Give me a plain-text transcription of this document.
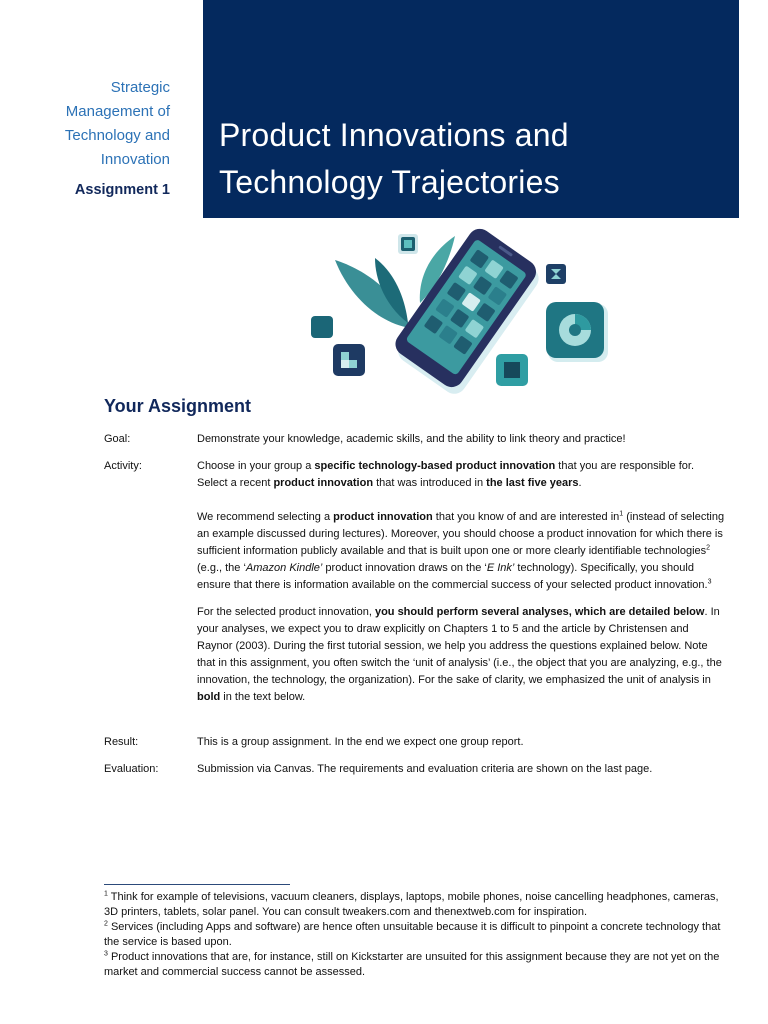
Strategic
Management of
Technology and
Innovation
Assignment 1
Product Innovations and
Technology Trajectories
Your Assignment
Goal:	Demonstrate your knowledge, academic skills, and the ability to link theory and practice!
Activity:	Choose in your group a specific technology-based product innovation that you are responsible for. Select a recent product innovation that was introduced in the last five years.

We recommend selecting a product innovation that you know of and are interested $in^1$ (instead of selecting an example discussed during lectures). Moreover, you should choose a product innovation for which there is sufficient information publicly available and that is built upon one or more clearly identifiable technologies$^2$ (e.g., the ‘Amazon Kindle’ product innovation draws on the ‘E Ink’ technology). Specifically, you should ensure that there is information available on the commercial success of your selected product innovation.$^3$

For the selected product innovation, you should perform several analyses, which are detailed below. In your analyses, we expect you to draw explicitly on Chapters 1 to 5 and the article by Christensen and Raynor (2003). During the first tutorial session, we help you address the questions explained below. Note that in this assignment, you often switch the ‘unit of analysis’ (i.e., the object that you are analyzing, e.g., the innovation, the technology, the organization). For the sake of clarity, we emphasized the unit of analysis in bold in the text below.

Result:	This is a group assignment. In the end we expect one group report.
Evaluation:	Submission via Canvas. The requirements and evaluation criteria are shown on the last page.

$^1$ Think for example of televisions, vacuum cleaners, displays, laptops, mobile phones, noise cancelling headphones, cameras, 3D printers, tablets, solar panel. You can consult tweakers.com and thenextweb.com for inspiration.

$^2$ Services (including Apps and software) are hence often unsuitable because it is difficult to pinpoint a concrete technology that the service is based upon.

$^3$ Product innovations that are, for instance, still on Kickstarter are unsuited for this assignment because they are not yet on the market and commercial success cannot be assessed.
